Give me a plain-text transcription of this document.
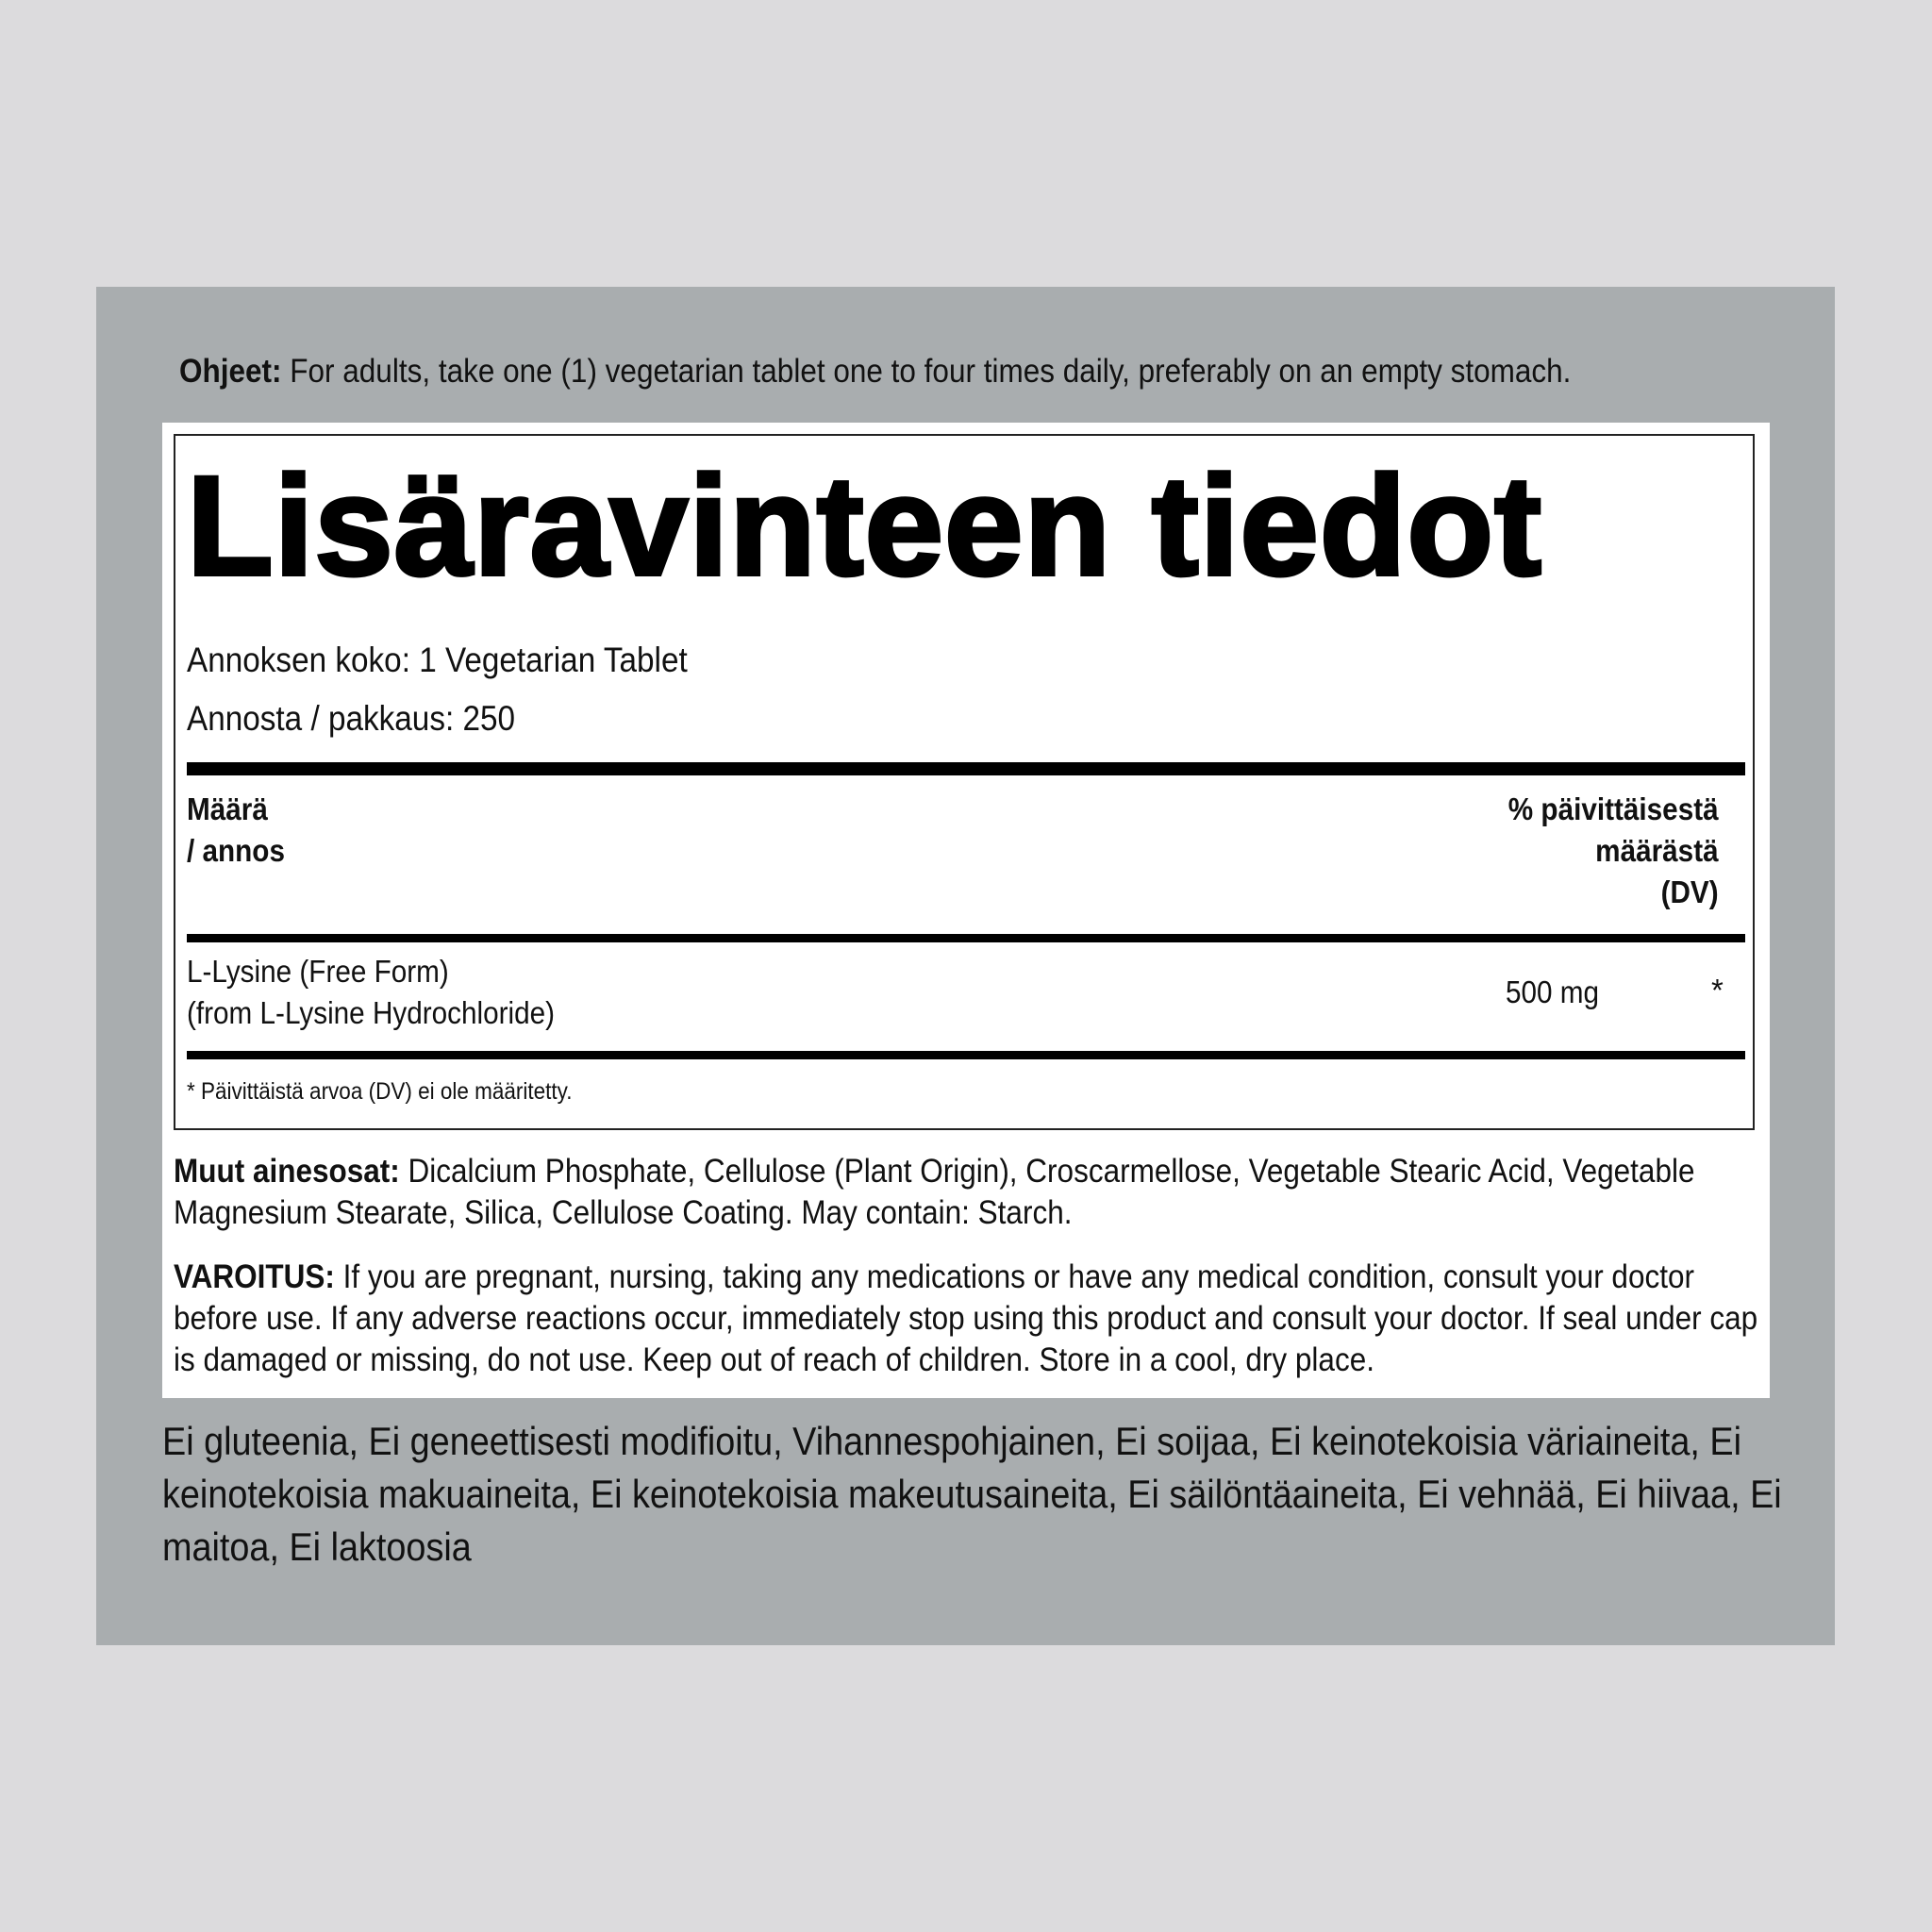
Ohjeet: For adults, take one (1) vegetarian tablet one to four times daily, preferably on an empty stomach.
Lisäravinteen tiedot
Annoksen koko: 1 Vegetarian Tablet
Annosta / pakkaus: 250
Määrä
/ annos
% päivittäisestä
määrästä
(DV)
L-Lysine (Free Form)
(from L-Lysine Hydrochloride)
500 mg	*
* Päivittäistä arvoa (DV) ei ole määritetty.
Muut ainesosat: Dicalcium Phosphate, Cellulose (Plant Origin), Croscarmellose, Vegetable Stearic Acid, Vegetable Magnesium Stearate, Silica, Cellulose Coating. May contain: Starch.
VAROITUS: If you are pregnant, nursing, taking any medications or have any medical condition, consult your doctor before use. If any adverse reactions occur, immediately stop using this product and consult your doctor. If seal under cap is damaged or missing, do not use. Keep out of reach of children. Store in a cool, dry place.
Ei gluteenia, Ei geneettisesti modifioitu, Vihannespohjainen, Ei soijaa, Ei keinotekoisia väriaineita, Ei keinotekoisia makuaineita, Ei keinotekoisia makeutusaineita, Ei säilöntäaineita, Ei vehnää, Ei hiivaa, Ei maitoa, Ei laktoosia
